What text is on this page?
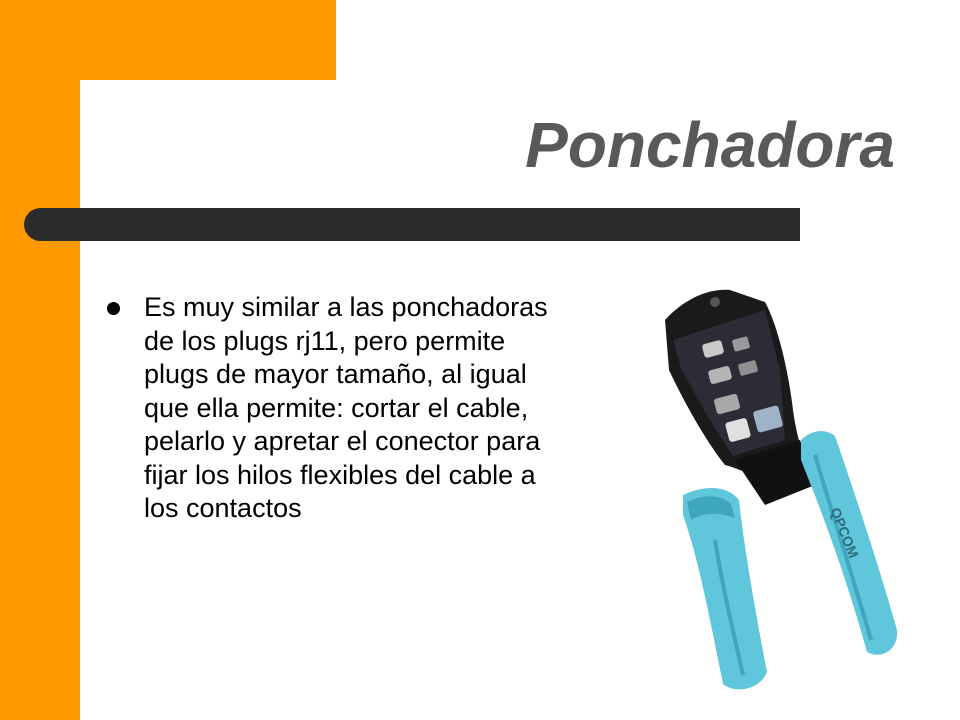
Ponchadora
Es muy similar a las ponchadoras de los plugs rj11, pero permite plugs de mayor tamaño, al igual que ella permite: cortar el cable, pelarlo y apretar el conector para fijar los hilos flexibles del cable a los contactos	QPCOM
